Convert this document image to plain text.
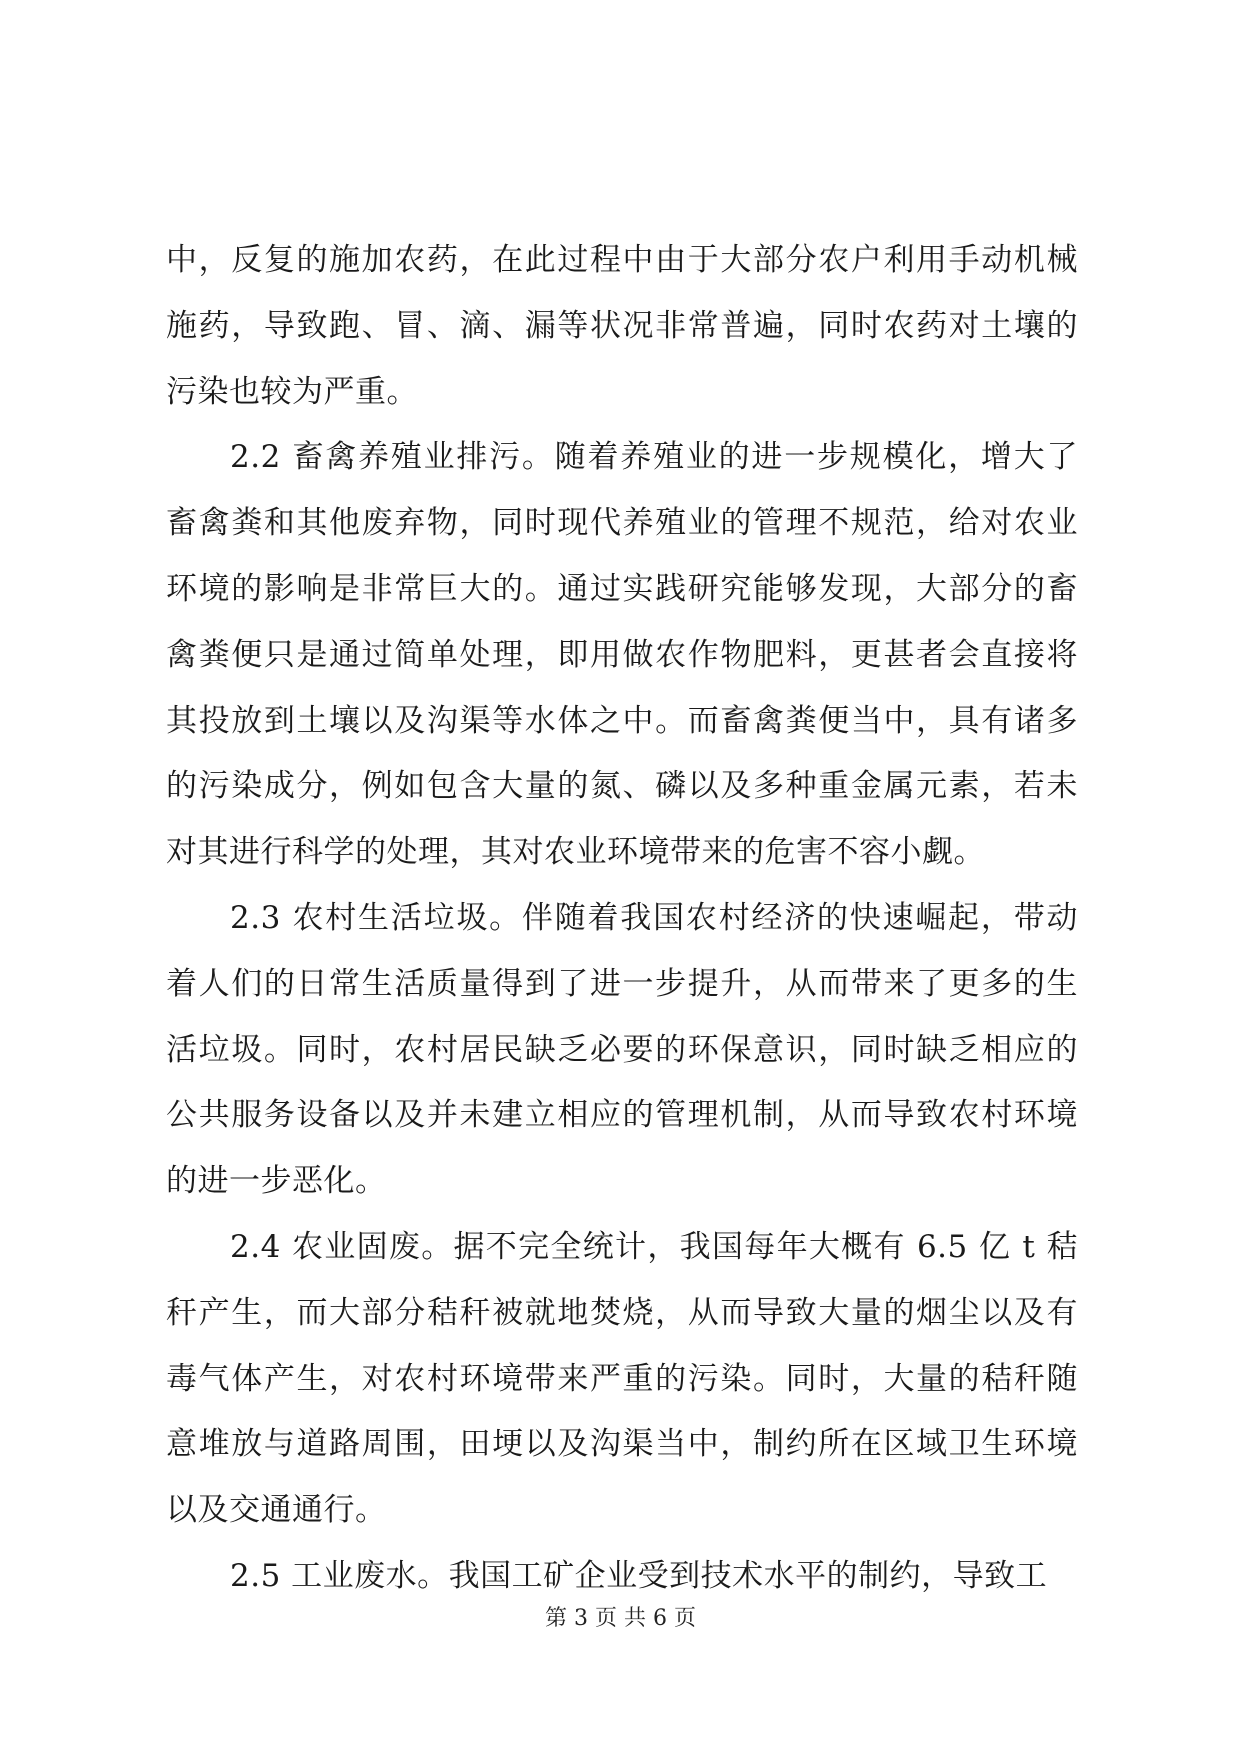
中，反复的施加农药，在此过程中由于大部分农户利用手动机械施药，导致跑、冒、滴、漏等状况非常普遍，同时农药对土壤的污染也较为严重。

2.2 畜禽养殖业排污。随着养殖业的进一步规模化，增大了畜禽粪和其他废弃物，同时现代养殖业的管理不规范，给对农业环境的影响是非常巨大的。通过实践研究能够发现，大部分的畜禽粪便只是通过简单处理，即用做农作物肥料，更甚者会直接将其投放到土壤以及沟渠等水体之中。而畜禽粪便当中，具有诸多的污染成分，例如包含大量的氮、磷以及多种重金属元素，若未对其进行科学的处理，其对农业环境带来的危害不容小觑。

2.3 农村生活垃圾。伴随着我国农村经济的快速崛起，带动着人们的日常生活质量得到了进一步提升，从而带来了更多的生活垃圾。同时，农村居民缺乏必要的环保意识，同时缺乏相应的公共服务设备以及并未建立相应的管理机制，从而导致农村环境的进一步恶化。

2.4 农业固废。据不完全统计，我国每年大概有 6.5 亿 t 秸秆产生，而大部分秸秆被就地焚烧，从而导致大量的烟尘以及有毒气体产生，对农村环境带来严重的污染。同时，大量的秸秆随意堆放与道路周围，田埂以及沟渠当中，制约所在区域卫生环境以及交通通行。

2.5 工业废水。我国工矿企业受到技术水平的制约，导致工

第 3 页 共 6 页
